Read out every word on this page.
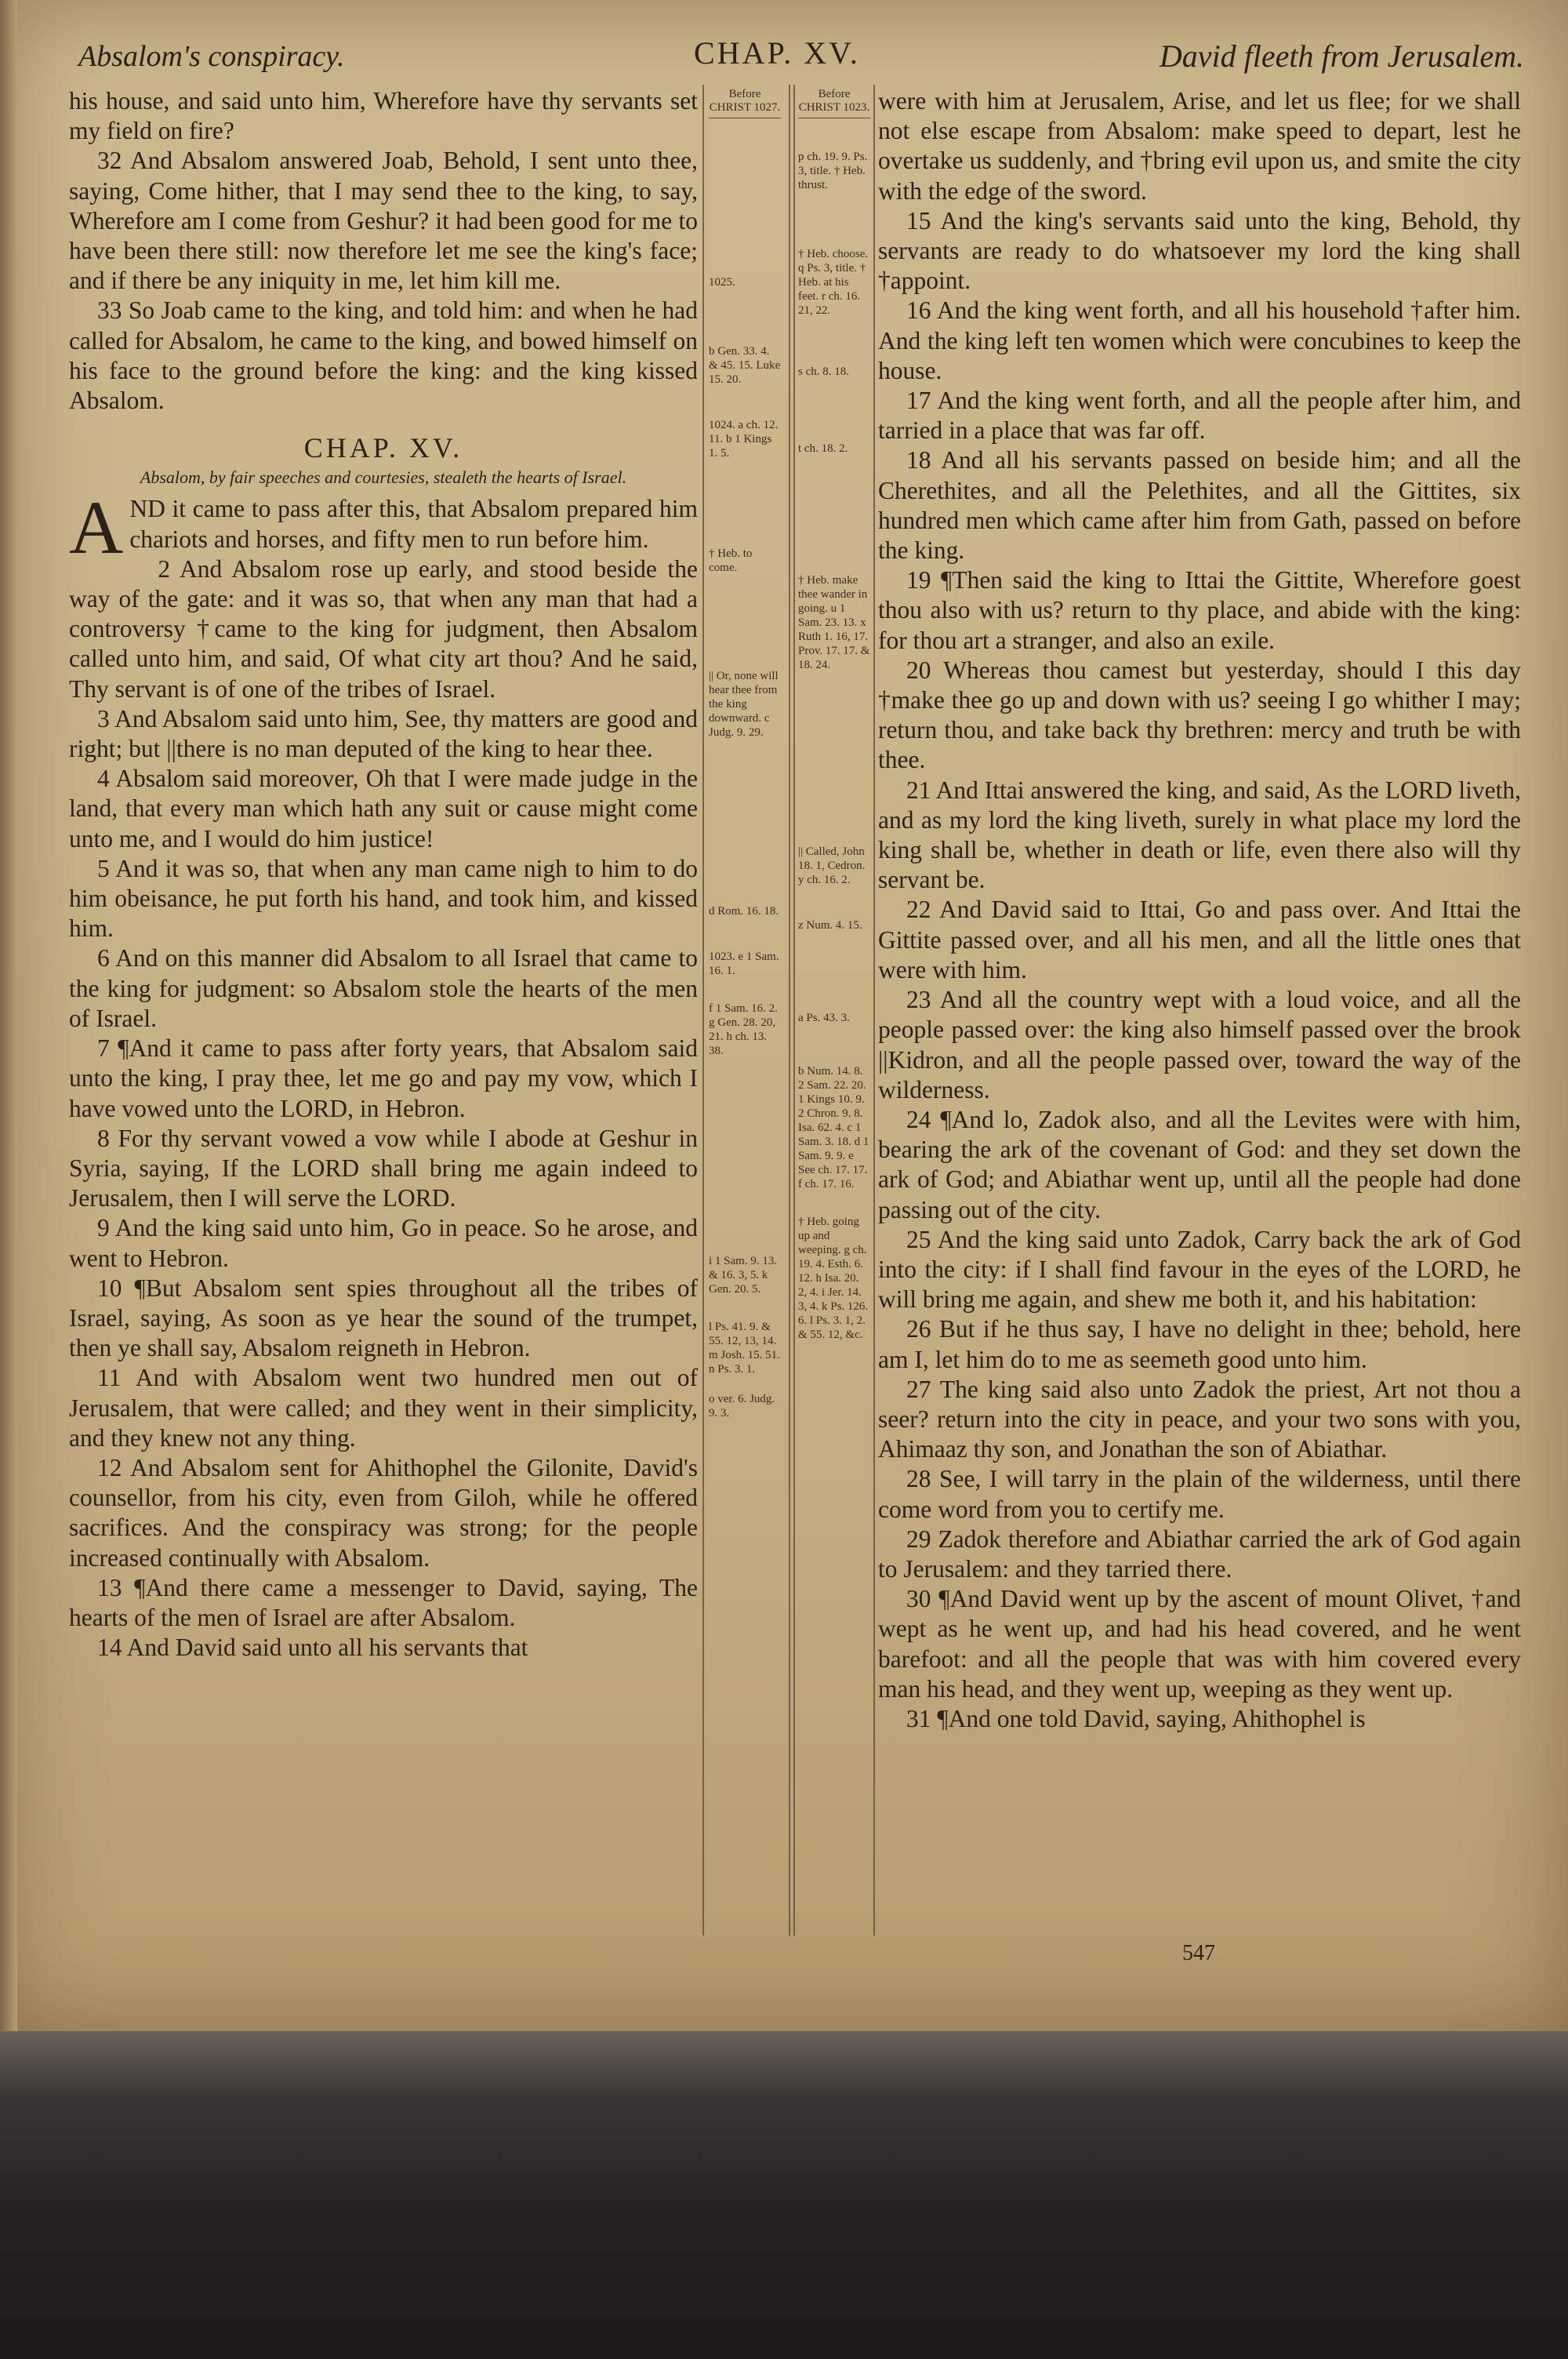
Absalom's conspiracy.	CHAP. XV.	David fleeth from Jerusalem.

his house, and said unto him, Wherefore have thy servants set my field on fire?

32 And Absalom answered Joab, Behold, I sent unto thee, saying, Come hither, that I may send thee to the king, to say, Wherefore am I come from Geshur? it had been good for me to have been there still: now therefore let me see the king's face; and if there be any iniquity in me, let him kill me.

33 So Joab came to the king, and told him: and when he had called for Absalom, he came to the king, and bowed himself on his face to the ground before the king: and the king kissed Absalom.

CHAP. XV.

Absalom, by fair speeches and courtesies, stealeth the hearts of Israel.

AND it came to pass after this, that Absalom prepared him chariots and horses, and fifty men to run before him.

2 And Absalom rose up early, and stood beside the way of the gate: and it was so, that when any man that had a controversy †came to the king for judgment, then Absalom called unto him, and said, Of what city art thou? And he said, Thy servant is of one of the tribes of Israel.

3 And Absalom said unto him, See, thy matters are good and right; but ||there is no man deputed of the king to hear thee.

4 Absalom said moreover, Oh that I were made judge in the land, that every man which hath any suit or cause might come unto me, and I would do him justice!

5 And it was so, that when any man came nigh to him to do him obeisance, he put forth his hand, and took him, and kissed him.

6 And on this manner did Absalom to all Israel that came to the king for judgment: so Absalom stole the hearts of the men of Israel.

7 ¶And it came to pass after forty years, that Absalom said unto the king, I pray thee, let me go and pay my vow, which I have vowed unto the LORD, in Hebron.

8 For thy servant vowed a vow while I abode at Geshur in Syria, saying, If the LORD shall bring me again indeed to Jerusalem, then I will serve the LORD.

9 And the king said unto him, Go in peace. So he arose, and went to Hebron.

10 ¶But Absalom sent spies throughout all the tribes of Israel, saying, As soon as ye hear the sound of the trumpet, then ye shall say, Absalom reigneth in Hebron.

11 And with Absalom went two hundred men out of Jerusalem, that were called; and they went in their simplicity, and they knew not any thing.

12 And Absalom sent for Ahithophel the Gilonite, David's counsellor, from his city, even from Giloh, while he offered sacrifices. And the conspiracy was strong; for the people increased continually with Absalom.

13 ¶And there came a messenger to David, saying, The hearts of the men of Israel are after Absalom.

14 And David said unto all his servants that

Before CHRIST 1027.
1025.
b Gen. 33. 4. & 45. 15. Luke 15. 20.
1024. a ch. 12. 11. b 1 Kings 1. 5.
† Heb. to come.
|| Or, none will hear thee from the king downward. c Judg. 9. 29.
d Rom. 16. 18.
1023. e 1 Sam. 16. 1.
f 1 Sam. 16. 2. g Gen. 28. 20, 21. h ch. 13. 38.
i 1 Sam. 9. 13. & 16. 3, 5. k Gen. 20. 5.
l Ps. 41. 9. & 55. 12, 13, 14. m Josh. 15. 51. n Ps. 3. 1.
o ver. 6. Judg. 9. 3.
Before CHRIST 1023.
p ch. 19. 9. Ps. 3, title. † Heb. thrust.
† Heb. choose. q Ps. 3, title. † Heb. at his feet. r ch. 16. 21, 22.
s ch. 8. 18.
t ch. 18. 2.
† Heb. make thee wander in going. u 1 Sam. 23. 13. x Ruth 1. 16, 17. Prov. 17. 17. & 18. 24.
|| Called, John 18. 1, Cedron. y ch. 16. 2.
z Num. 4. 15.
a Ps. 43. 3.
b Num. 14. 8. 2 Sam. 22. 20. 1 Kings 10. 9. 2 Chron. 9. 8. Isa. 62. 4. c 1 Sam. 3. 18. d 1 Sam. 9. 9. e See ch. 17. 17. f ch. 17. 16.
† Heb. going up and weeping. g ch. 19. 4. Esth. 6. 12. h Isa. 20. 2, 4. i Jer. 14. 3, 4. k Ps. 126. 6. l Ps. 3. 1, 2. & 55. 12, &c.

were with him at Jerusalem, Arise, and let us flee; for we shall not else escape from Absalom: make speed to depart, lest he overtake us suddenly, and †bring evil upon us, and smite the city with the edge of the sword.

15 And the king's servants said unto the king, Behold, thy servants are ready to do whatsoever my lord the king shall †appoint.

16 And the king went forth, and all his household †after him. And the king left ten women which were concubines to keep the house.

17 And the king went forth, and all the people after him, and tarried in a place that was far off.

18 And all his servants passed on beside him; and all the Cherethites, and all the Pelethites, and all the Gittites, six hundred men which came after him from Gath, passed on before the king.

19 ¶Then said the king to Ittai the Gittite, Wherefore goest thou also with us? return to thy place, and abide with the king: for thou art a stranger, and also an exile.

20 Whereas thou camest but yesterday, should I this day †make thee go up and down with us? seeing I go whither I may; return thou, and take back thy brethren: mercy and truth be with thee.

21 And Ittai answered the king, and said, As the LORD liveth, and as my lord the king liveth, surely in what place my lord the king shall be, whether in death or life, even there also will thy servant be.

22 And David said to Ittai, Go and pass over. And Ittai the Gittite passed over, and all his men, and all the little ones that were with him.

23 And all the country wept with a loud voice, and all the people passed over: the king also himself passed over the brook ||Kidron, and all the people passed over, toward the way of the wilderness.

24 ¶And lo, Zadok also, and all the Levites were with him, bearing the ark of the covenant of God: and they set down the ark of God; and Abiathar went up, until all the people had done passing out of the city.

25 And the king said unto Zadok, Carry back the ark of God into the city: if I shall find favour in the eyes of the LORD, he will bring me again, and shew me both it, and his habitation:

26 But if he thus say, I have no delight in thee; behold, here am I, let him do to me as seemeth good unto him.

27 The king said also unto Zadok the priest, Art not thou a seer? return into the city in peace, and your two sons with you, Ahimaaz thy son, and Jonathan the son of Abiathar.

28 See, I will tarry in the plain of the wilderness, until there come word from you to certify me.

29 Zadok therefore and Abiathar carried the ark of God again to Jerusalem: and they tarried there.

30 ¶And David went up by the ascent of mount Olivet, †and wept as he went up, and had his head covered, and he went barefoot: and all the people that was with him covered every man his head, and they went up, weeping as they went up.

31 ¶And one told David, saying, Ahithophel is

547
